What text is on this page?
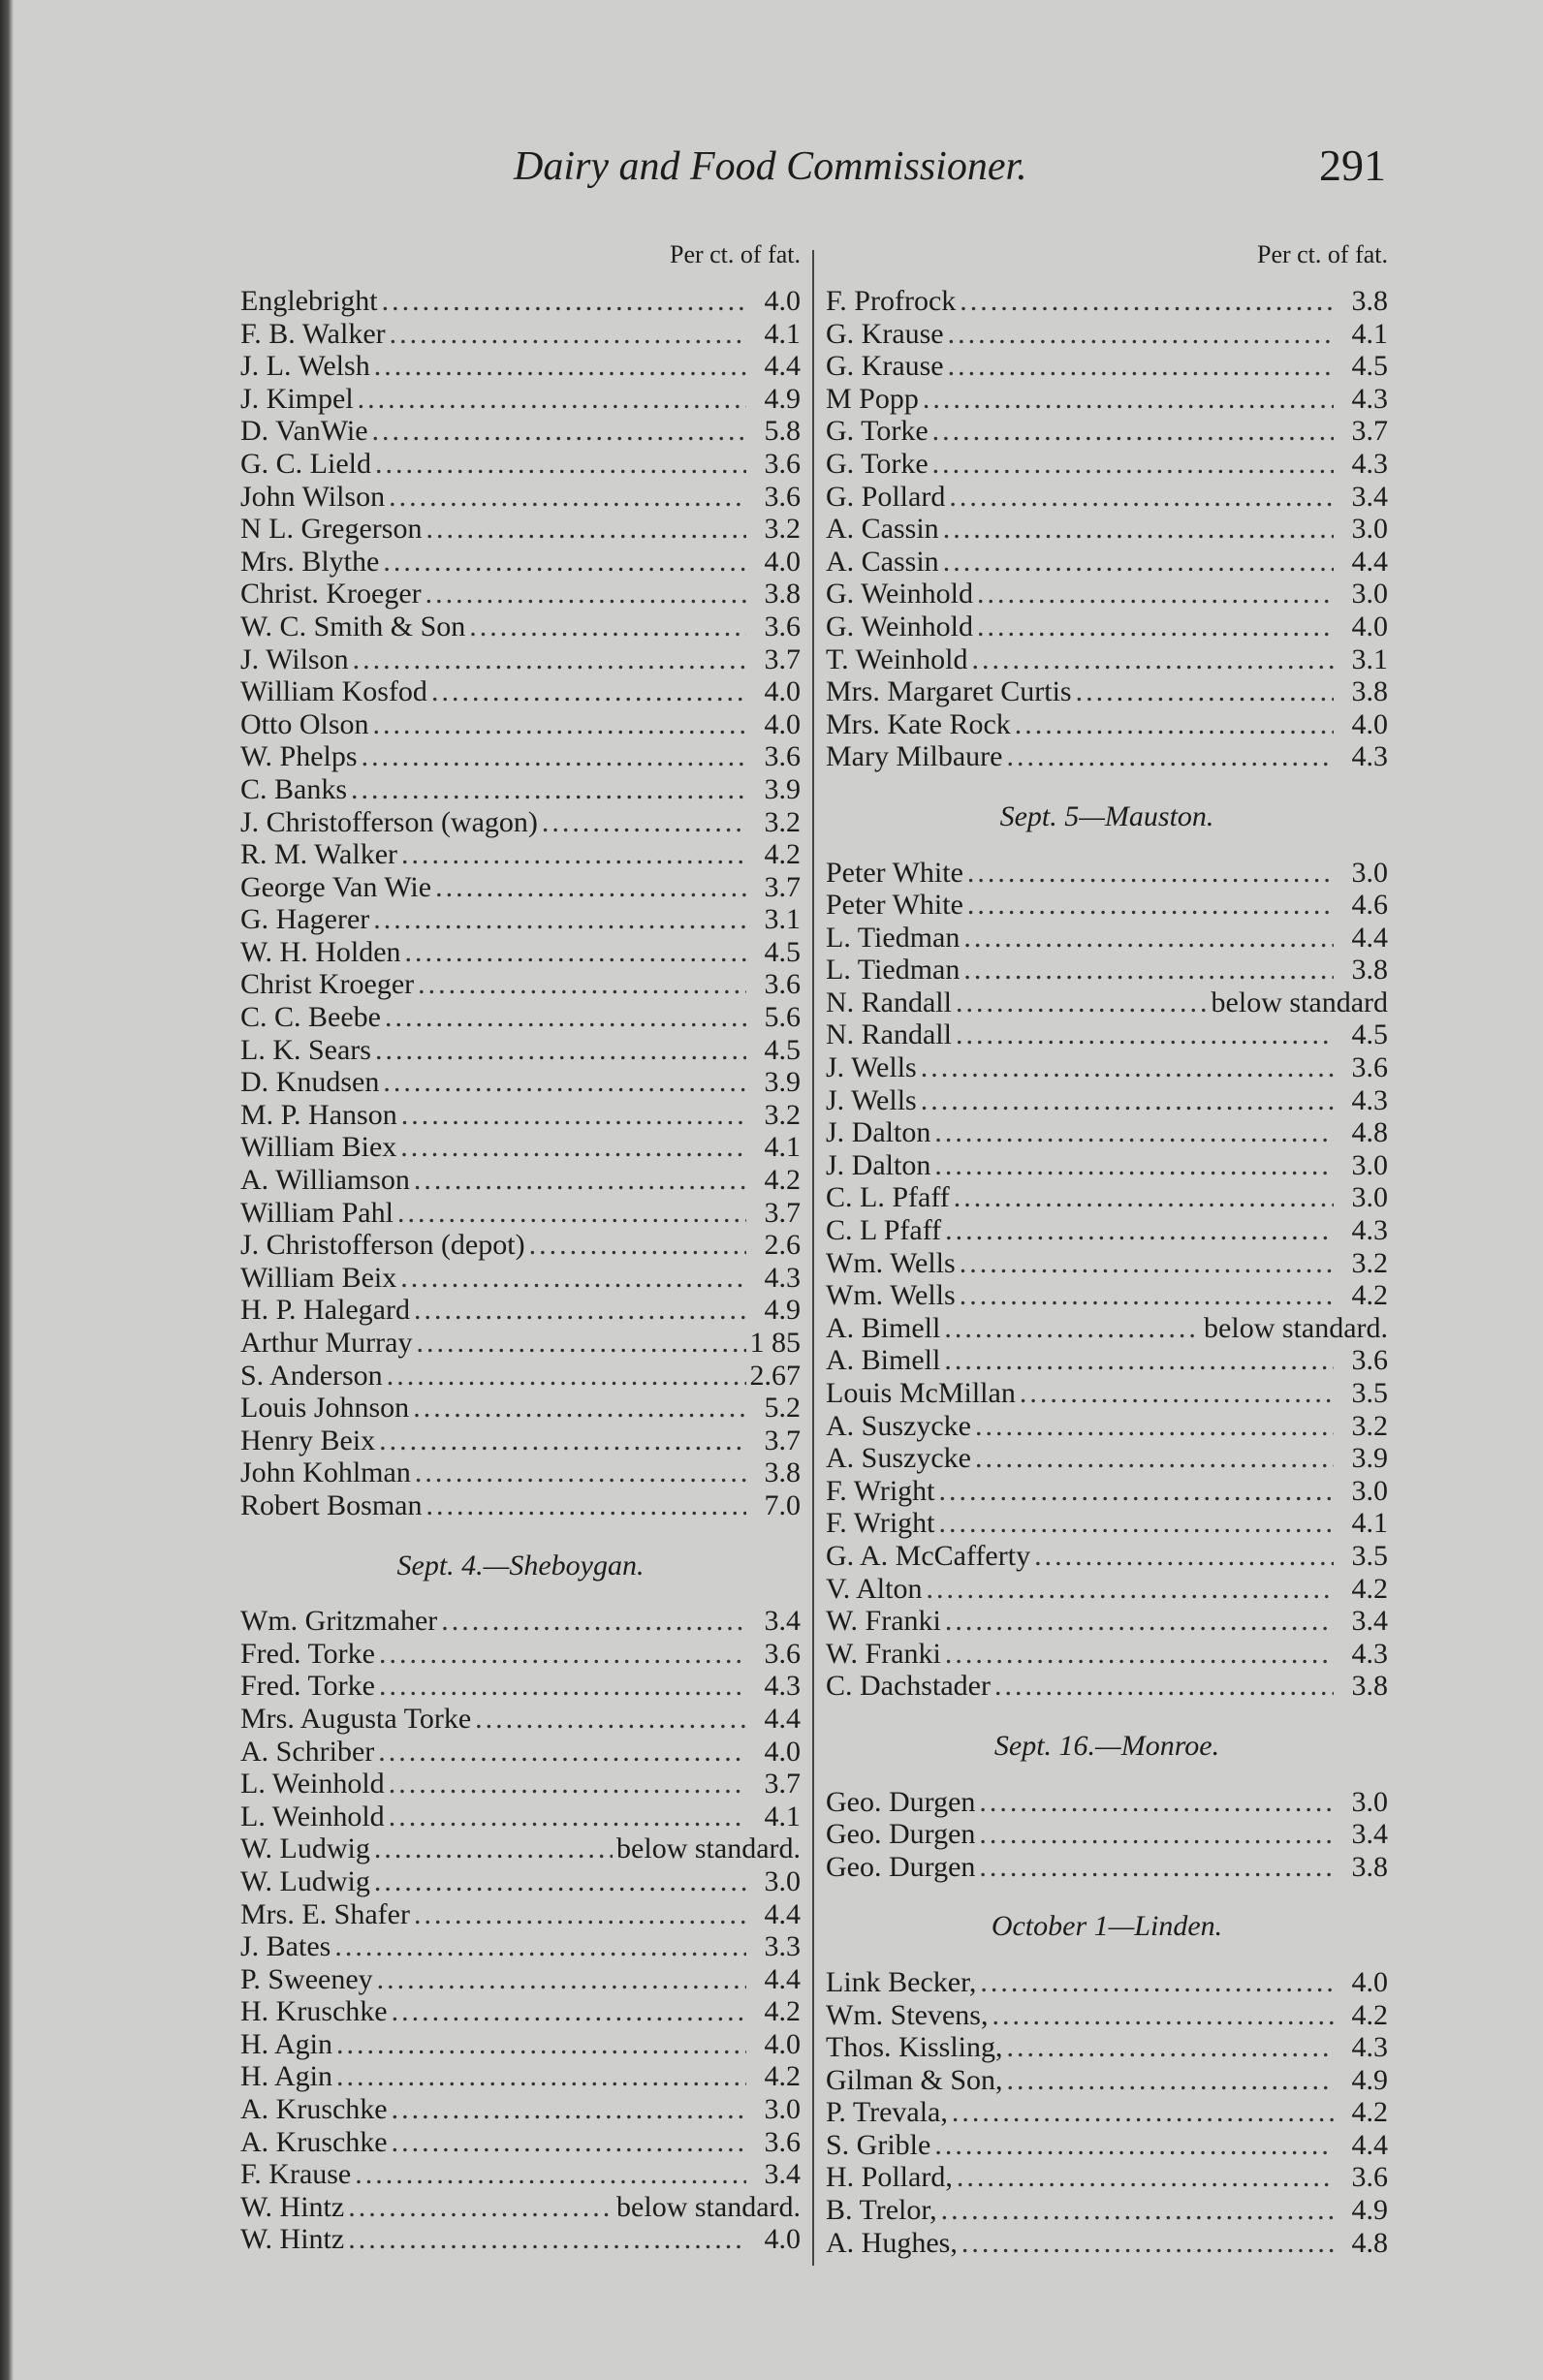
Dairy and Food Commissioner.	291
Per ct. of fat.
Englebright .....	4.0
F. B. Walker .....	4.1
J. L. Welsh .....	4.4
J. Kimpel .....	4.9
D. VanWie .....	5.8
G. C. Lield .....	3.6
John Wilson .....	3.6
N L. Gregerson .....	3.2
Mrs. Blythe .....	4.0
Christ. Kroeger .....	3.8
W. C. Smith & Son .....	3.6
J. Wilson .....	3.7
William Kosfod .....	4.0
Otto Olson .....	4.0
W. Phelps .....	3.6
C. Banks .....	3.9
J. Christofferson (wagon) .....	3.2
R. M. Walker .....	4.2
George Van Wie .....	3.7
G. Hagerer .....	3.1
W. H. Holden .....	4.5
Christ Kroeger .....	3.6
C. C. Beebe .....	5.6
L. K. Sears .....	4.5
D. Knudsen .....	3.9
M. P. Hanson .....	3.2
William Biex .....	4.1
A. Williamson .....	4.2
William Pahl .....	3.7
J. Christofferson (depot) .....	2.6
William Beix .....	4.3
H. P. Halegard .....	4.9
Arthur Murray .....	1 85
S. Anderson .....	2.67
Louis Johnson .....	5.2
Henry Beix .....	3.7
John Kohlman .....	3.8
Robert Bosman .....	7.0
Sept. 4.—Sheboygan.
Wm. Gritzmaher .....	3.4
Fred. Torke .....	3.6
Fred. Torke .....	4.3
Mrs. Augusta Torke .....	4.4
A. Schriber .....	4.0
L. Weinhold .....	3.7
L. Weinhold .....	4.1
W. Ludwig .....	below standard.
W. Ludwig .....	3.0
Mrs. E. Shafer .....	4.4
J. Bates .....	3.3
P. Sweeney .....	4.4
H. Kruschke .....	4.2
H. Agin .....	4.0
H. Agin .....	4.2
A. Kruschke .....	3.0
A. Kruschke .....	3.6
F. Krause .....	3.4
W. Hintz .....	below standard.
W. Hintz .....	4.0
Per ct. of fat.
F. Profrock .....	3.8
G. Krause .....	4.1
G. Krause .....	4.5
M Popp .....	4.3
G. Torke .....	3.7
G. Torke .....	4.3
G. Pollard .....	3.4
A. Cassin .....	3.0
A. Cassin .....	4.4
G. Weinhold .....	3.0
G. Weinhold .....	4.0
T. Weinhold .....	3.1
Mrs. Margaret Curtis .....	3.8
Mrs. Kate Rock .....	4.0
Mary Milbaure .....	4.3
Sept. 5—Mauston.
Peter White .....	3.0
Peter White .....	4.6
L. Tiedman .....	4.4
L. Tiedman .....	3.8
N. Randall .....	below standard
N. Randall .....	4.5
J. Wells .....	3.6
J. Wells .....	4.3
J. Dalton .....	4.8
J. Dalton .....	3.0
C. L. Pfaff .....	3.0
C. L Pfaff .....	4.3
Wm. Wells .....	3.2
Wm. Wells .....	4.2
A. Bimell .....	below standard.
A. Bimell .....	3.6
Louis McMillan .....	3.5
A. Suszycke .....	3.2
A. Suszycke .....	3.9
F. Wright .....	3.0
F. Wright .....	4.1
G. A. McCafferty .....	3.5
V. Alton .....	4.2
W. Franki .....	3.4
W. Franki .....	4.3
C. Dachstader .....	3.8
Sept. 16.—Monroe.
Geo. Durgen .....	3.0
Geo. Durgen .....	3.4
Geo. Durgen .....	3.8
October 1—Linden.
Link Becker, .....	4.0
Wm. Stevens, .....	4.2
Thos. Kissling, .....	4.3
Gilman & Son, .....	4.9
P. Trevala, .....	4.2
S. Grible .....	4.4
H. Pollard, .....	3.6
B. Trelor, .....	4.9
A. Hughes, .....	4.8
